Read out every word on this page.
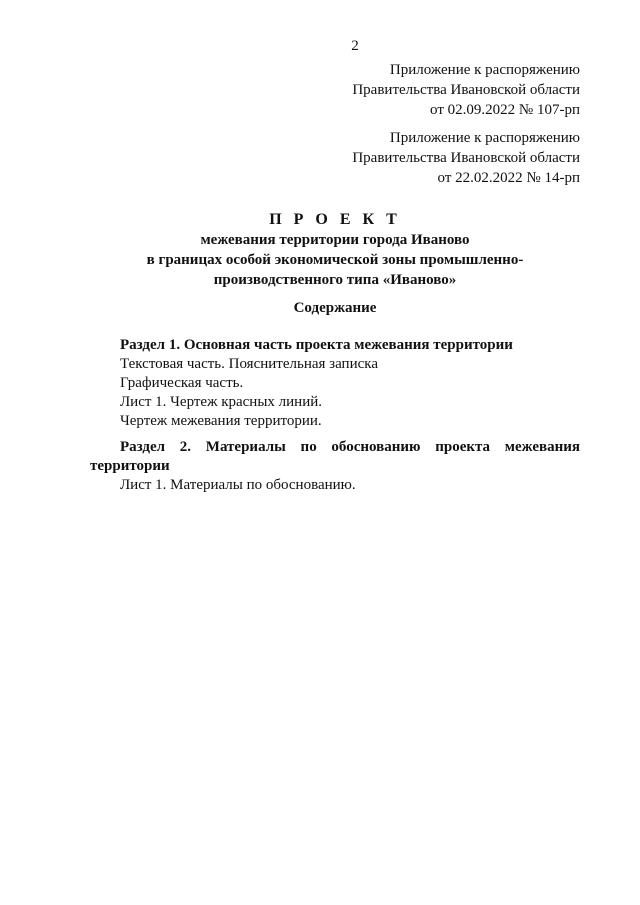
2
Приложение к распоряжению
Правительства Ивановской области
от 02.09.2022 № 107-рп
Приложение к распоряжению
Правительства Ивановской области
от 22.02.2022 № 14-рп
П Р О Е К Т
межевания территории города Иваново
в границах особой экономической зоны промышленно-
производственного типа «Иваново»
Содержание
Раздел 1. Основная часть проекта межевания территории
Текстовая часть. Пояснительная записка
Графическая часть.
Лист 1. Чертеж красных линий.
Чертеж межевания территории.
Раздел 2. Материалы по обоснованию проекта межевания
территории
Лист 1. Материалы по обоснованию.
